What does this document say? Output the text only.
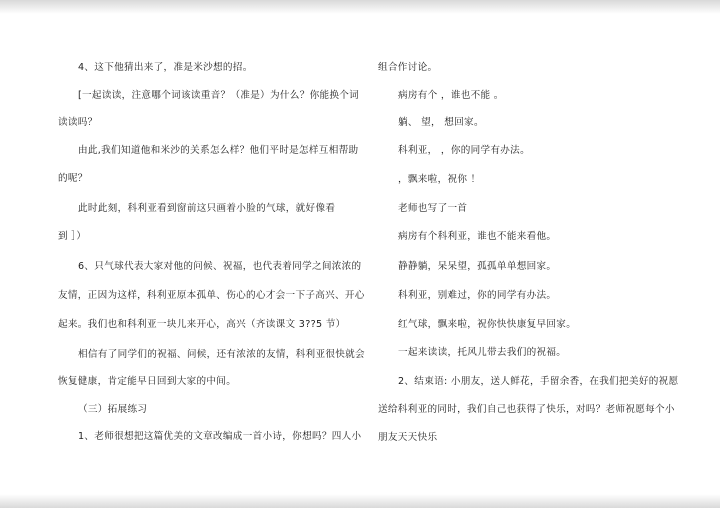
4、这下他猜出来了，准是米沙想的招。
[一起读读，注意哪个词该读重音？（准是）为什么？你能换个词
读读吗？
由此,我们知道他和米沙的关系怎么样？他们平时是怎样互相帮助
的呢？
此时此刻，科利亚看到窗前这只画着小脸的气球，就好像看
到 ］）
6、只气球代表大家对他的问候、祝福，也代表着同学之间浓浓的
友情，正因为这样，科利亚原本孤单、伤心的心才会一下子高兴、开心
起来。我们也和科利亚一块儿来开心，高兴（齐读课文 3??5 节）
相信有了同学们的祝福、问候，还有浓浓的友情，科利亚很快就会
恢复健康，肯定能早日回到大家的中间。
（三）拓展练习
1、老师很想把这篇优美的文章改编成一首小诗，你想吗？四人小
组合作讨论。
病房有个 ，谁也不能 。
躺、 望， 想回家。
科利亚， ，你的同学有办法。
，飘来啦，祝你 ！
老师也写了一首
病房有个科利亚，谁也不能来看他。
静静躺，呆呆望，孤孤单单想回家。
科利亚，别难过，你的同学有办法。
红气球，飘来啦，祝你快快康复早回家。
一起来读读，托风儿带去我们的祝福。
2、结束语: 小朋友，送人鲜花，手留余香，在我们把美好的祝愿
送给科利亚的同时，我们自己也获得了快乐，对吗？老师祝愿每个小
朋友天天快乐
